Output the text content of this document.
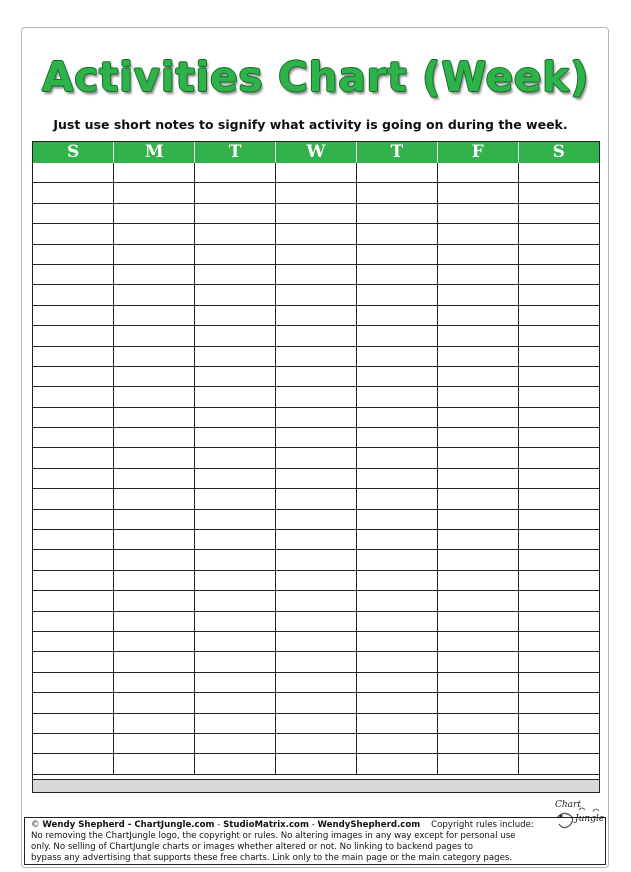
Activities Chart (Week)
Just use short notes to signify what activity is going on during the week.
S	M	T	W	T	F	S

Chart
Jungle

© Wendy Shepherd - ChartJungle.com - StudioMatrix.com - WendyShepherd.com Copyright rules include:

No removing the ChartJungle logo, the copyright or rules. No altering images in any way except for personal use

only. No selling of ChartJungle charts or images whether altered or not. No linking to backend pages to

bypass any advertising that supports these free charts. Link only to the main page or the main category pages.
